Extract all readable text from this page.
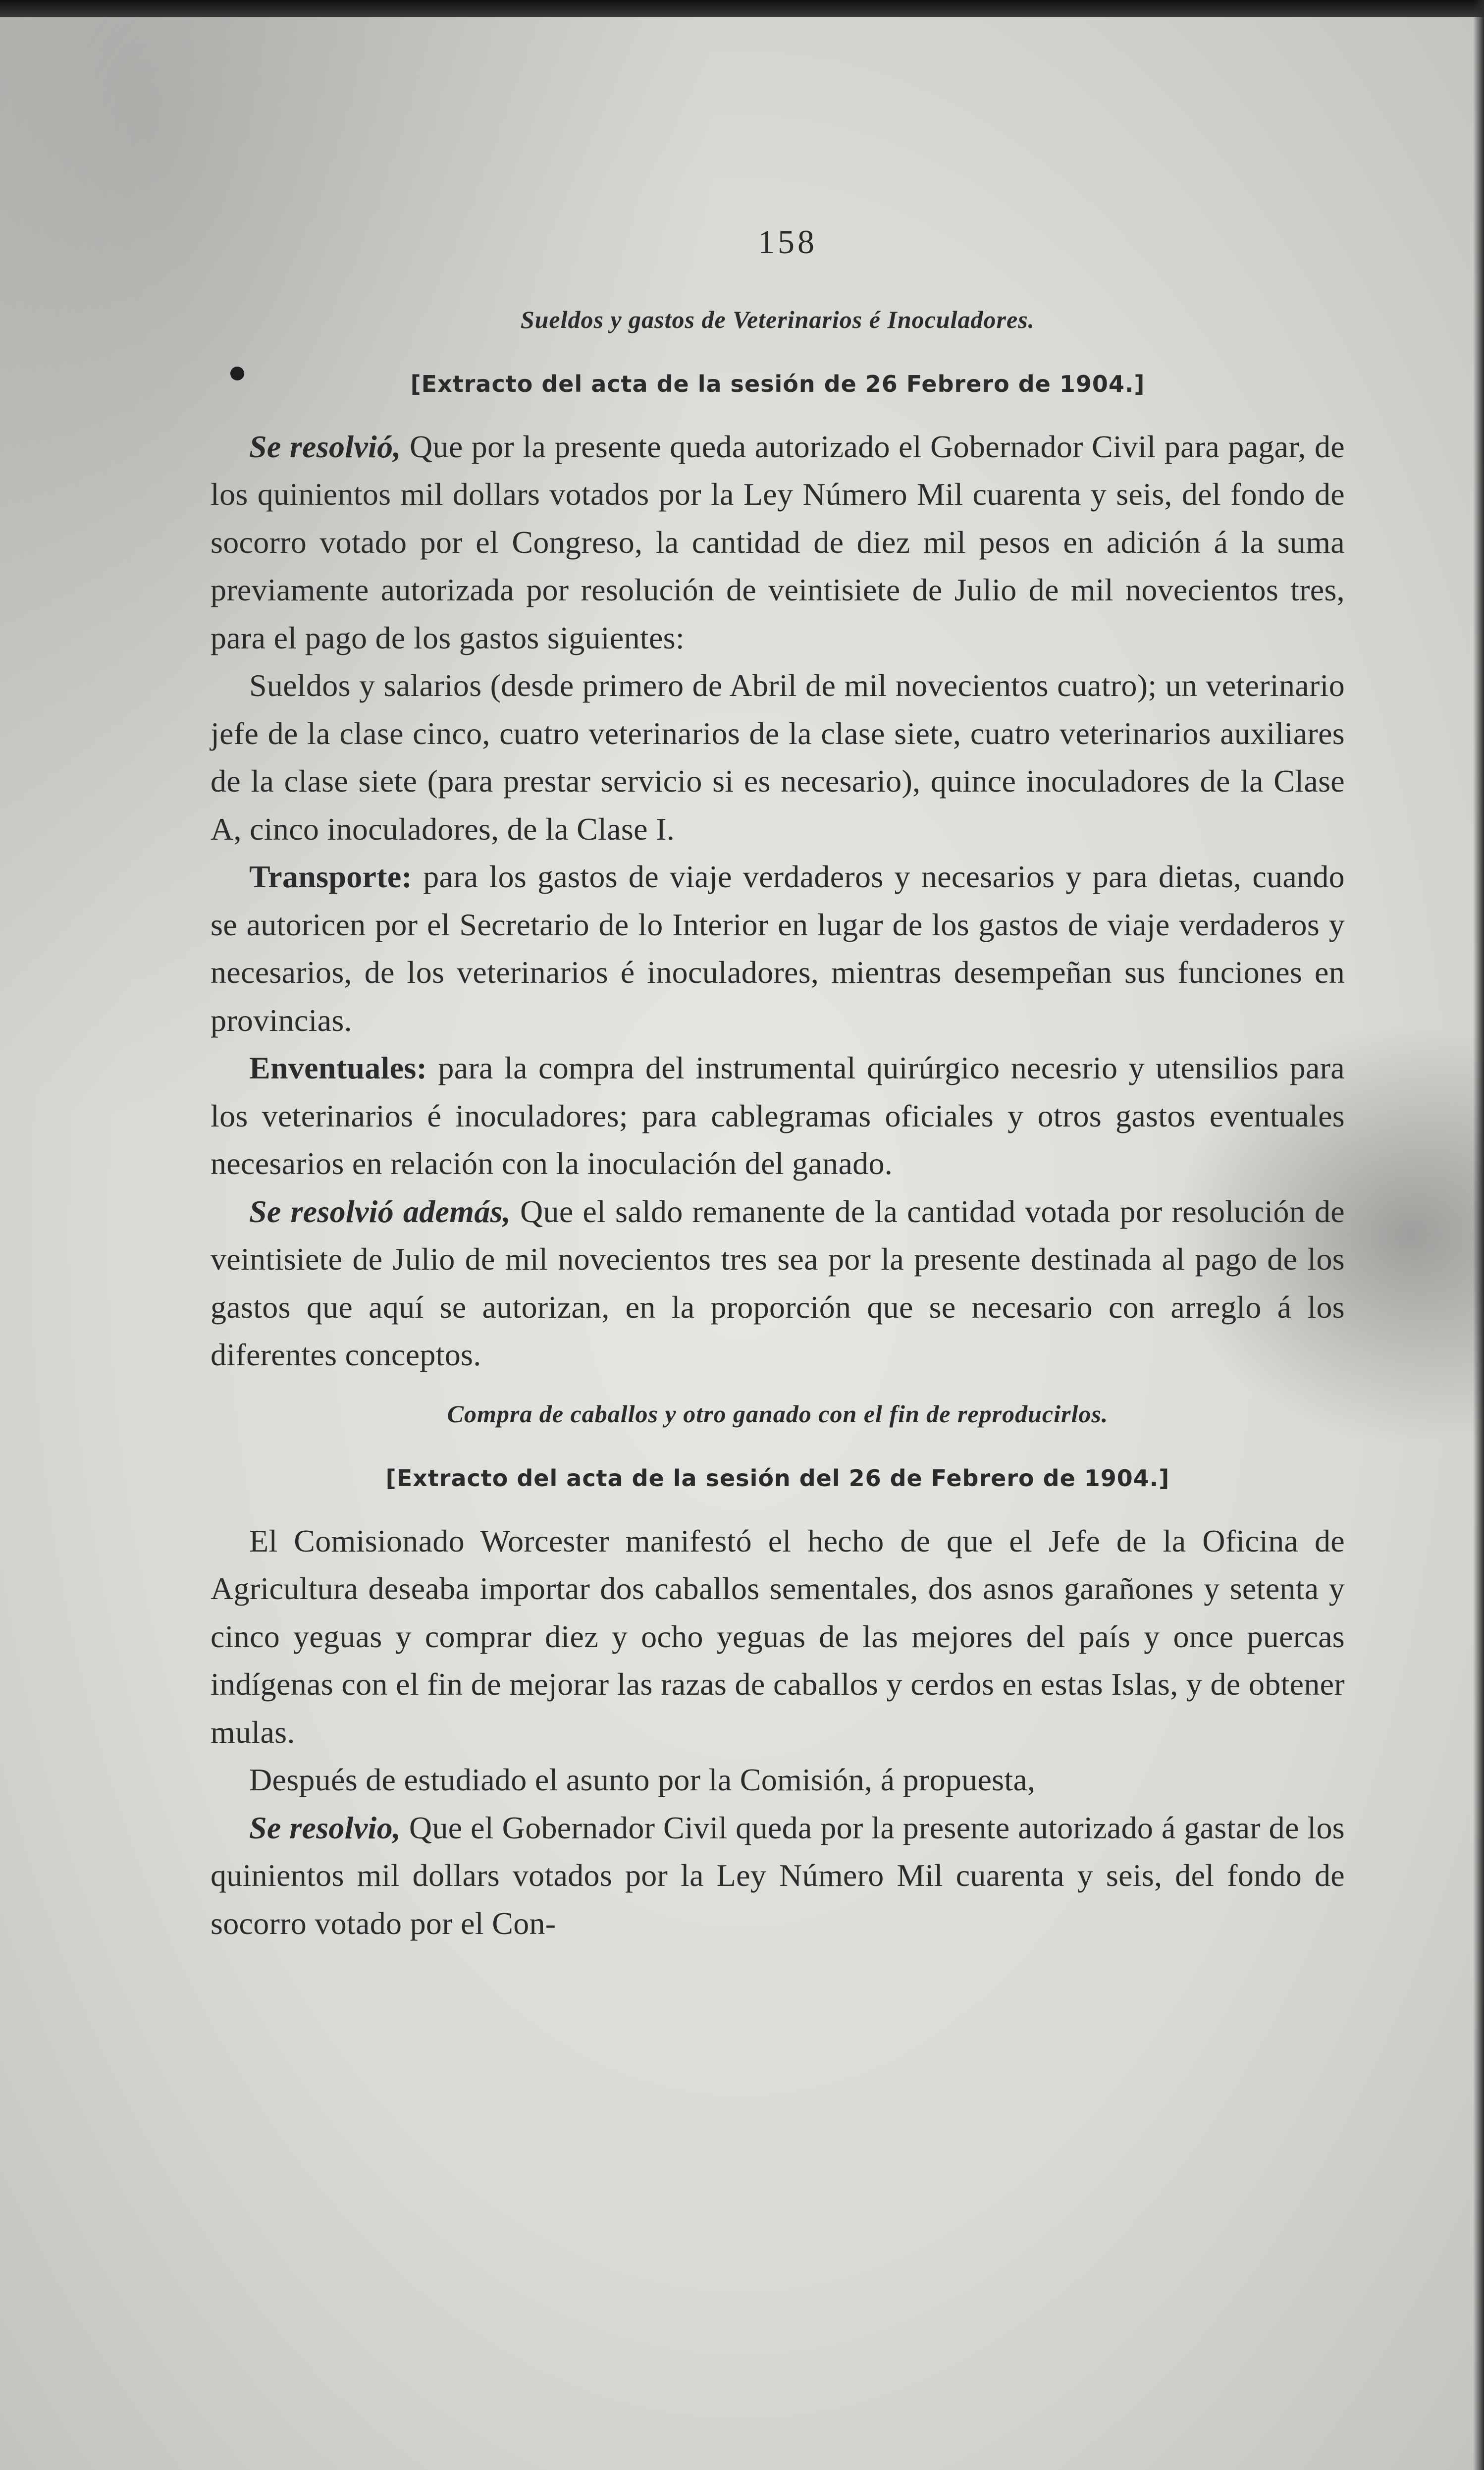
158
Sueldos y gastos de Veterinarios é Inoculadores.
[Extracto del acta de la sesión de 26 Febrero de 1904.]

Se resolvió, Que por la presente queda autorizado el Gobernador Civil para pagar, de los quinientos mil dollars votados por la Ley Número Mil cuarenta y seis, del fondo de socorro votado por el Congreso, la cantidad de diez mil pesos en adición á la suma previamente autorizada por resolución de veintisiete de Julio de mil novecientos tres, para el pago de los gastos siguientes:

Sueldos y salarios (desde primero de Abril de mil novecientos cuatro); un veterinario jefe de la clase cinco, cuatro veterinarios de la clase siete, cuatro veterinarios auxiliares de la clase siete (para prestar servicio si es necesario), quince inoculadores de la Clase A, cinco inoculadores, de la Clase I.

Transporte: para los gastos de viaje verdaderos y necesarios y para dietas, cuando se autoricen por el Secretario de lo Interior en lugar de los gastos de viaje verdaderos y necesarios, de los veterinarios é inoculadores, mientras desempeñan sus funciones en provincias.

Enventuales: para la compra del instrumental quirúrgico necesrio y utensilios para los veterinarios é inoculadores; para cablegramas oficiales y otros gastos eventuales necesarios en relación con la inoculación del ganado.

Se resolvió además, Que el saldo remanente de la cantidad votada por resolución de veintisiete de Julio de mil novecientos tres sea por la presente destinada al pago de los gastos que aquí se autorizan, en la proporción que se necesario con arreglo á los diferentes conceptos.

Compra de caballos y otro ganado con el fin de reproducirlos.
[Extracto del acta de la sesión del 26 de Febrero de 1904.]

El Comisionado Worcester manifestó el hecho de que el Jefe de la Oficina de Agricultura deseaba importar dos caballos sementales, dos asnos garañones y setenta y cinco yeguas y comprar diez y ocho yeguas de las mejores del país y once puercas indígenas con el fin de mejorar las razas de caballos y cerdos en estas Islas, y de obtener mulas.

Después de estudiado el asunto por la Comisión, á propuesta,

Se resolvio, Que el Gobernador Civil queda por la presente autorizado á gastar de los quinientos mil dollars votados por la Ley Número Mil cuarenta y seis, del fondo de socorro votado por el Con-
